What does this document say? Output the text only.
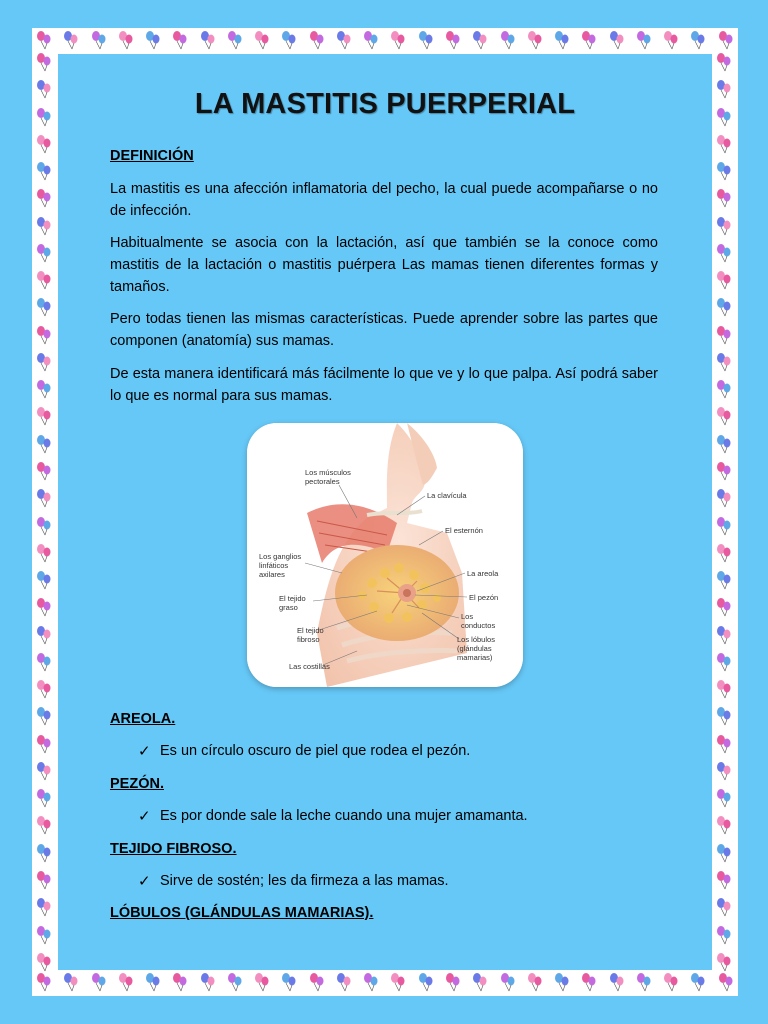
LA MASTITIS PUERPERIAL

DEFINICIÓN

La mastitis es una afección inflamatoria del pecho, la cual puede acompañarse o no de infección.

Habitualmente se asocia con la lactación, así que también se la conoce como mastitis de la lactación o mastitis puérpera Las mamas tienen diferentes formas y tamaños.

Pero todas tienen las mismas características. Puede aprender sobre las partes que componen (anatomía) sus mamas.

De esta manera identificará más fácilmente lo que ve y lo que palpa. Así podrá saber lo que es normal para sus mamas.

Los músculos
pectorales
La clavícula
El esternón
Los ganglios
linfáticos
axilares	La areola
El pezón
El tejido
graso
Los
conductos
El tejido
fibroso	Los lóbulos
(glándulas
mamarias)
Las costillas

AREOLA.

✓ Es un círculo oscuro de piel que rodea el pezón.

PEZÓN.

✓ Es por donde sale la leche cuando una mujer amamanta.

TEJIDO FIBROSO.

✓ Sirve de sostén; les da firmeza a las mamas.

LÓBULOS (GLÁNDULAS MAMARIAS).
